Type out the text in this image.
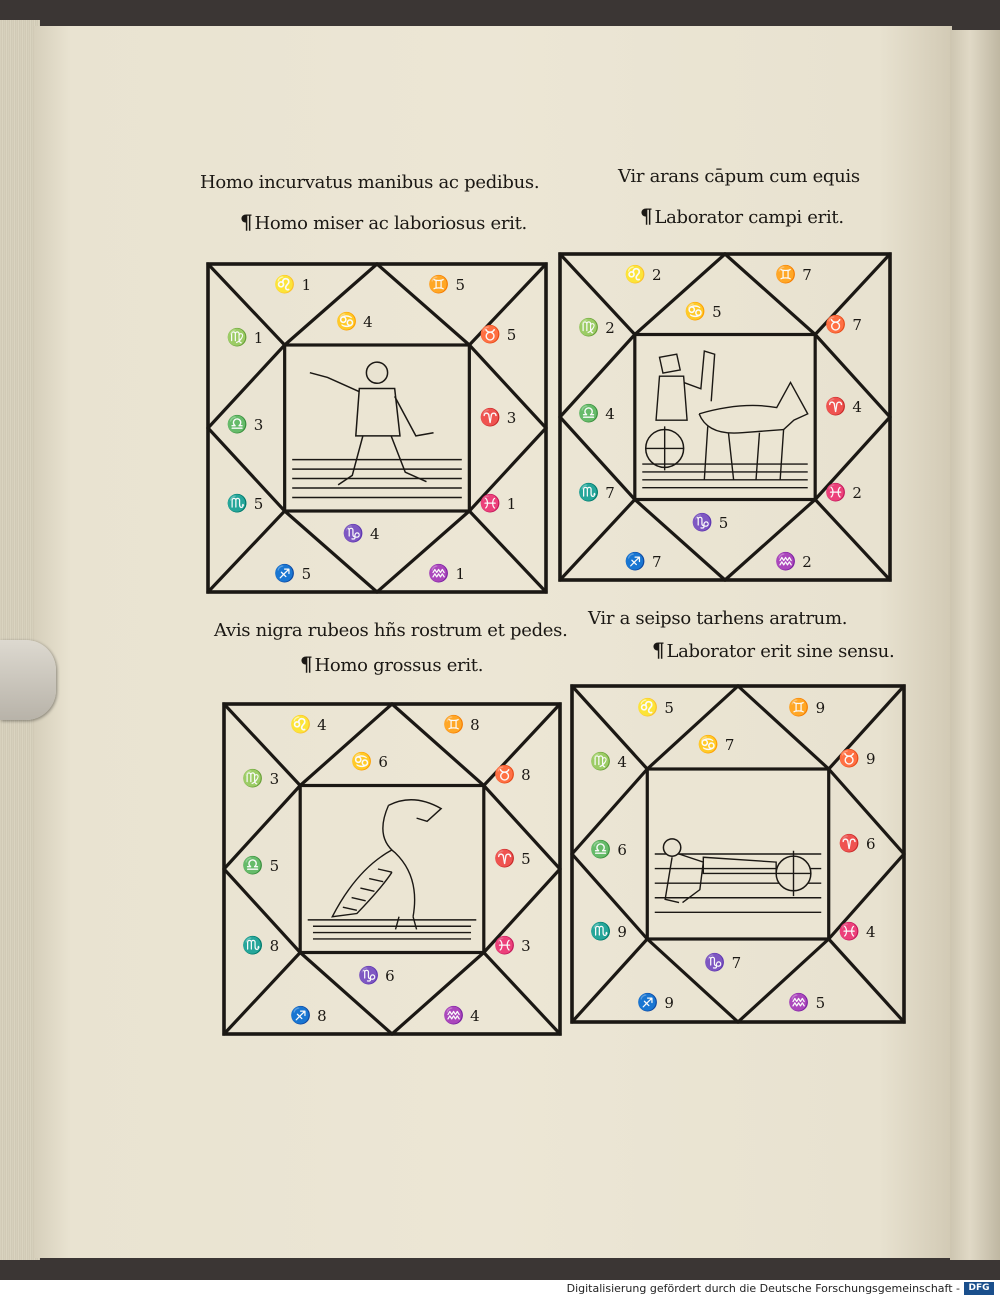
Homo incurvatus manibus ac pedibus.
¶ Homo miser ac laboriosus erit.
Vir arans cāpum cum equis
¶ Laborator campi erit.
Avis nigra rubeos hñs rostrum et pedes.
¶ Homo grossus erit.
Vir a seipso tarhens aratrum.
¶ Laborator erit sine sensu.
♌ 1	♊ 5
♋ 4
♉ 5
♍ 1
♈ 3
♎ 3
♓ 1
♏ 5
♑ 4
♐ 5	♒ 1
♌ 2	♊ 7
♋ 5
♉ 7
♍ 2
♈ 4
♎ 4
♓ 2
♏ 7
♑ 5
♐ 7	♒ 2
♌ 4	♊ 8
♋ 6
♉ 8
♍ 3
♈ 5
♎ 5
♓ 3
♏ 8
♑ 6
♐ 8	♒ 4
♌ 5	♊ 9
♋ 7
♉ 9
♍ 4
♈ 6
♎ 6
♓ 4
♏ 9
♑ 7
♐ 9	♒ 5
Digitalisierung gefördert durch die Deutsche Forschungsgemeinschaft - DFG
